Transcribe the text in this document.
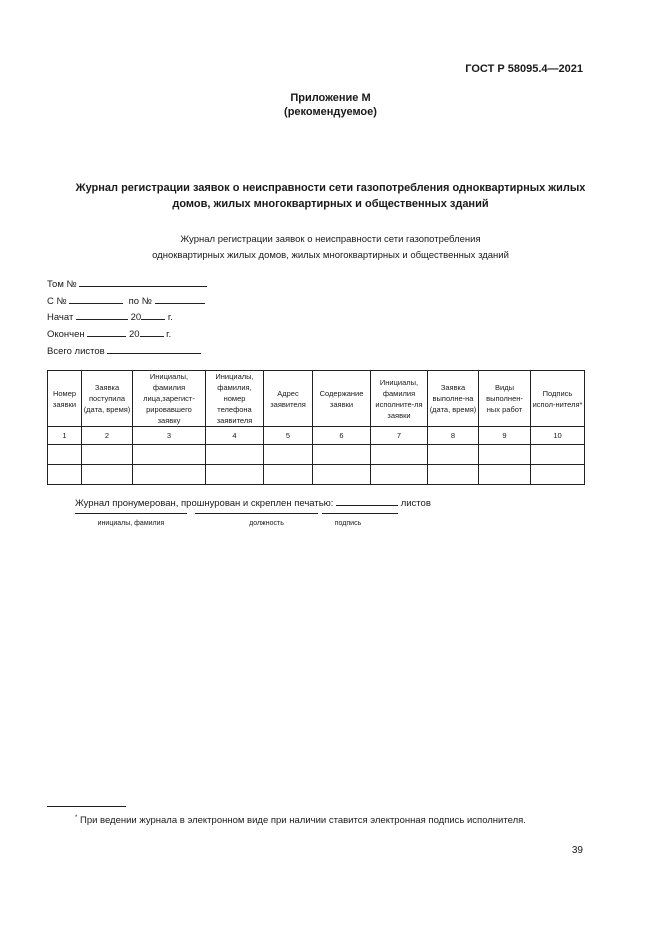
ГОСТ Р 58095.4—2021
Приложение М
(рекомендуемое)
Журнал регистрации заявок о неисправности сети газопотребления одноквартирных жилых
домов, жилых многоквартирных и общественных зданий
Журнал регистрации заявок о неисправности сети газопотребления
одноквартирных жилых домов, жилых многоквартирных и общественных зданий
Том №
С №	по №
Начат	20	г.
Окончен	20	г.
Всего листов
Номер заявки	Заявка поступила (дата, время)	Инициалы, фамилия лица,зарегист-рировавшего заявку	Инициалы, фамилия, номер телефона заявителя	Адрес заявителя	Содержание заявки	Инициалы, фамилия исполните-ля заявки	Заявка выполне-на (дата, время)	Виды выполнен-ных работ	Подпись испол-нителя*
1	2	3	4	5	6	7	8	9	10

Журнал пронумерован, прошнурован и скреплен печатью:	листов
инициалы, фамилия	должность	подпись
* При ведении журнала в электронном виде при наличии ставится электронная подпись исполнителя.
39
